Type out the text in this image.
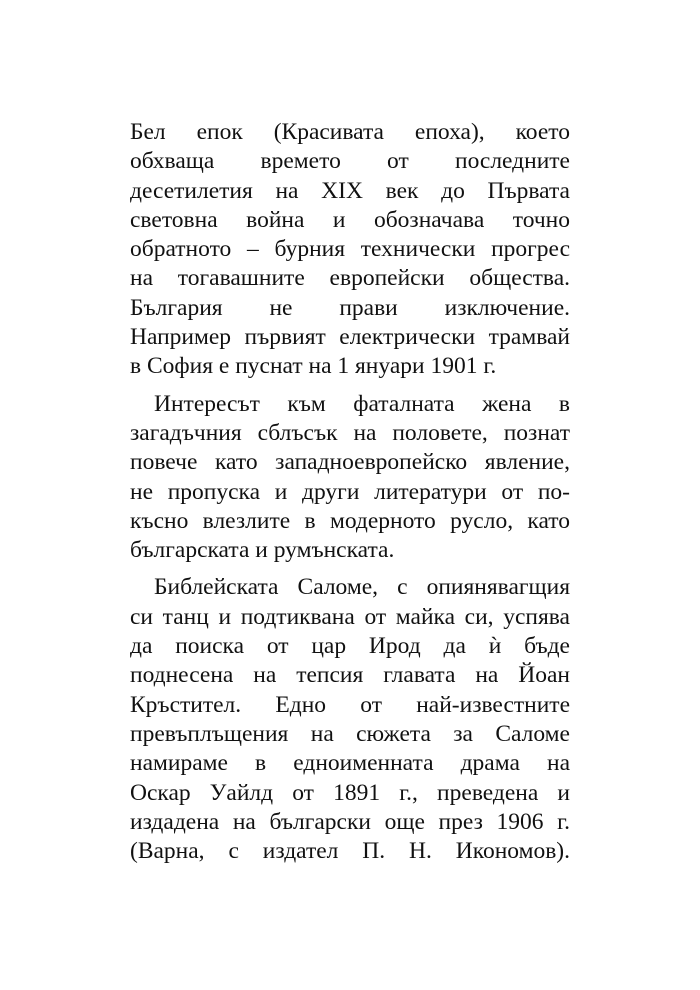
Бел епок (Красивата епоха), което
обхваща времето от последните
десетилетия на XIX век до Първата
световна война и обозначава точно
обратното – бурния технически прогрес
на тогавашните европейски общества.
България не прави изключение.
Например първият електрически трамвай
в София е пуснат на 1 януари 1901 г.
Интересът към фаталната жена в
загадъчния сблъсък на половете, познат
повече като западноевропейско явление,
не пропуска и други литератури от по-
късно влезлите в модерното русло, като
българската и румънската.
Библейската Саломе, с опиянявагщия
си танц и подтиквана от майка си, успява
да поиска от цар Ирод да ѝ бъде
поднесена на тепсия главата на Йоан
Кръстител. Едно от най-известните
превъплъщения на сюжета за Саломе
намираме в едноименната драма на
Оскар Уайлд от 1891 г., преведена и
издадена на български още през 1906 г.
(Варна, с издател П. Н. Икономов).
